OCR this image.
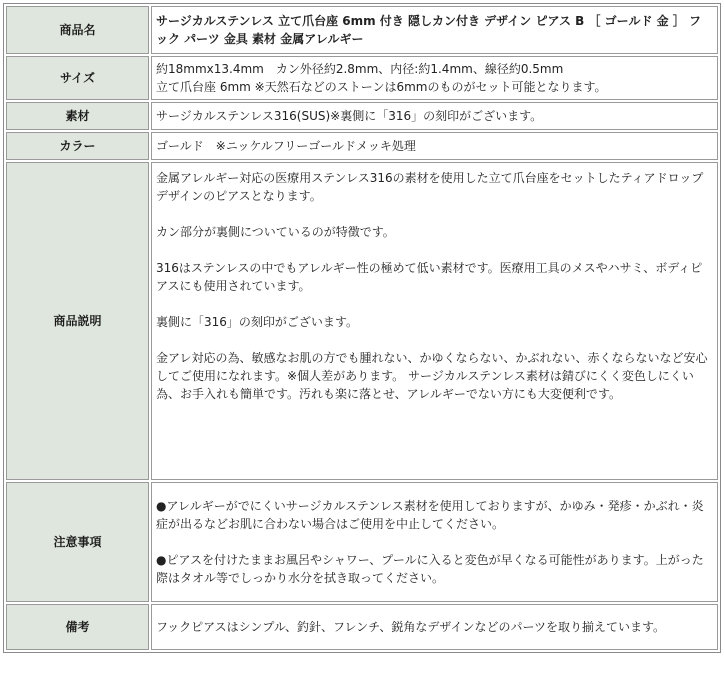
商品名	サージカルステンレス 立て爪台座 6mm 付き 隠しカン付き デザイン ピアス B ［ ゴールド 金 ］ フック パーツ 金具 素材 金属アレルギー
サイズ	約18mmx13.4mm　カン外径約2.8mm、内径:約1.4mm、線径約0.5mm
立て爪台座 6mm ※天然石などのストーンは6mmのものがセット可能となります。

素材	サージカルステンレス316(SUS)※裏側に「316」の刻印がございます。
カラー	ゴールド　※ニッケルフリーゴールドメッキ処理
商品説明	金属アレルギー対応の医療用ステンレス316の素材を使用した立て爪台座をセットしたティアドロップデザインのピアスとなります。
カン部分が裏側についているのが特徴です。
316はステンレスの中でもアレルギー性の極めて低い素材です。医療用工具のメスやハサミ、ボディピアスにも使用されています。
裏側に「316」の刻印がございます。
金アレ対応の為、敏感なお肌の方でも腫れない、かゆくならない、かぶれない、赤くならないなど安心してご使用になれます。※個人差があります。 サージカルステンレス素材は錆びにくく変色しにくい為、お手入れも簡単です。汚れも楽に落とせ、アレルギーでない方にも大変便利です。

注意事項	●アレルギーがでにくいサージカルステンレス素材を使用しておりますが、かゆみ・発疹・かぶれ・炎症が出るなどお肌に合わない場合はご使用を中止してください。
●ピアスを付けたままお風呂やシャワー、プールに入ると変色が早くなる可能性があります。上がった際はタオル等でしっかり水分を拭き取ってください。

備考	フックピアスはシンプル、釣針、フレンチ、鋭角なデザインなどのパーツを取り揃えています。
